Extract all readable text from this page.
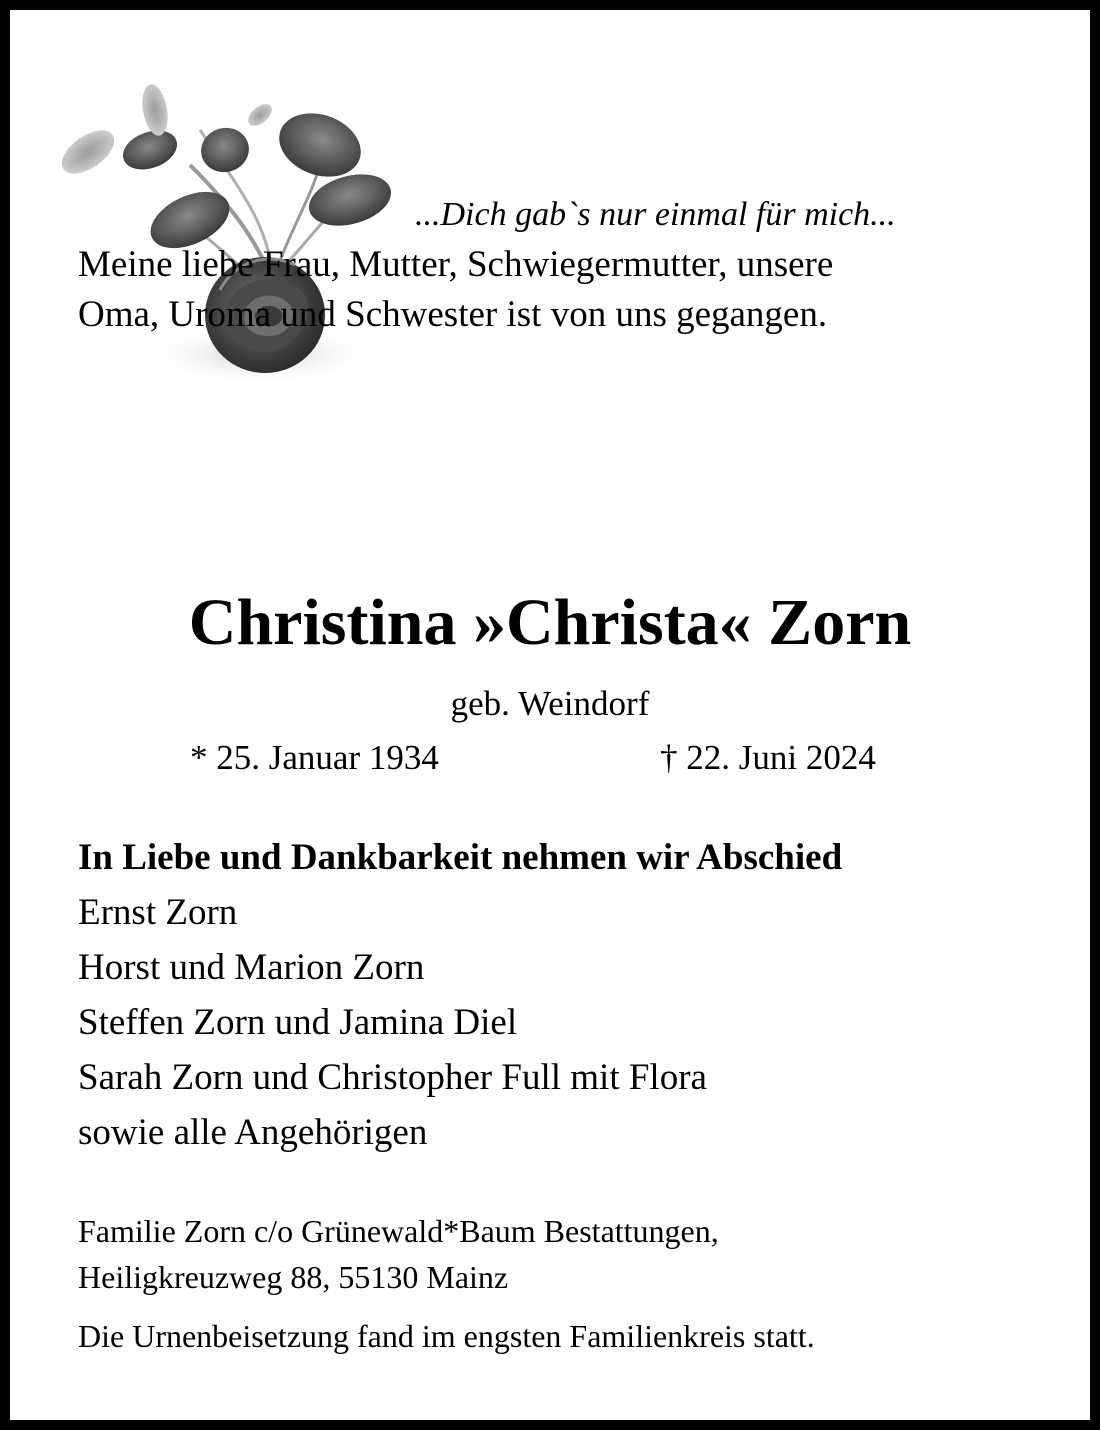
...Dich gab`s nur einmal für mich...
Meine liebe Frau, Mutter, Schwiegermutter, unsere
Oma, Uroma und Schwester ist von uns gegangen.
Christina »Christa« Zorn
geb. Weindorf
* 25. Januar 1934	† 22. Juni 2024
In Liebe und Dankbarkeit nehmen wir Abschied
Ernst Zorn
Horst und Marion Zorn
Steffen Zorn und Jamina Diel
Sarah Zorn und Christopher Full mit Flora
sowie alle Angehörigen
Familie Zorn c/o Grünewald*Baum Bestattungen,
Heiligkreuzweg 88, 55130 Mainz
Die Urnenbeisetzung fand im engsten Familienkreis statt.
